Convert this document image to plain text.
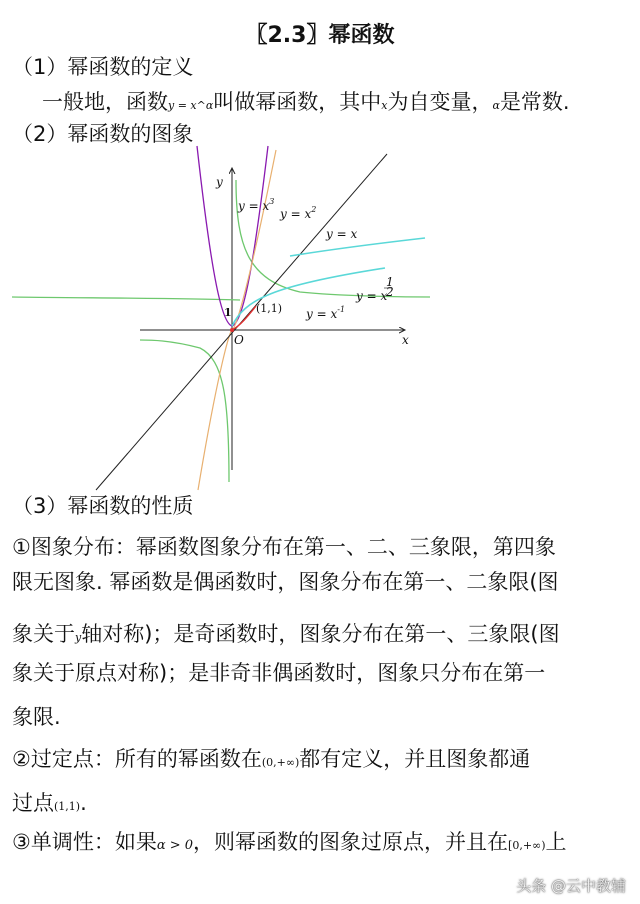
〖2.3〗幂函数
（1）幂函数的定义
一般地，函数y = x^α叫做幂函数，其中x为自变量，α是常数.
（2）幂函数的图象
y
x
O
1 (1,1)
$y = x^3$
$y = x^2$
y = x
y = x
1
2
$y = x^{-1}$
（3）幂函数的性质
①图象分布：幂函数图象分布在第一、二、三象限，第四象
限无图象. 幂函数是偶函数时，图象分布在第一、二象限(图
象关于y轴对称)；是奇函数时，图象分布在第一、三象限(图
象关于原点对称)；是非奇非偶函数时，图象只分布在第一
象限.
②过定点：所有的幂函数在(0,+∞)都有定义，并且图象都通
过点(1,1).
③单调性：如果α > 0，则幂函数的图象过原点，并且在[0,+∞)上
头条 @云中教辅
